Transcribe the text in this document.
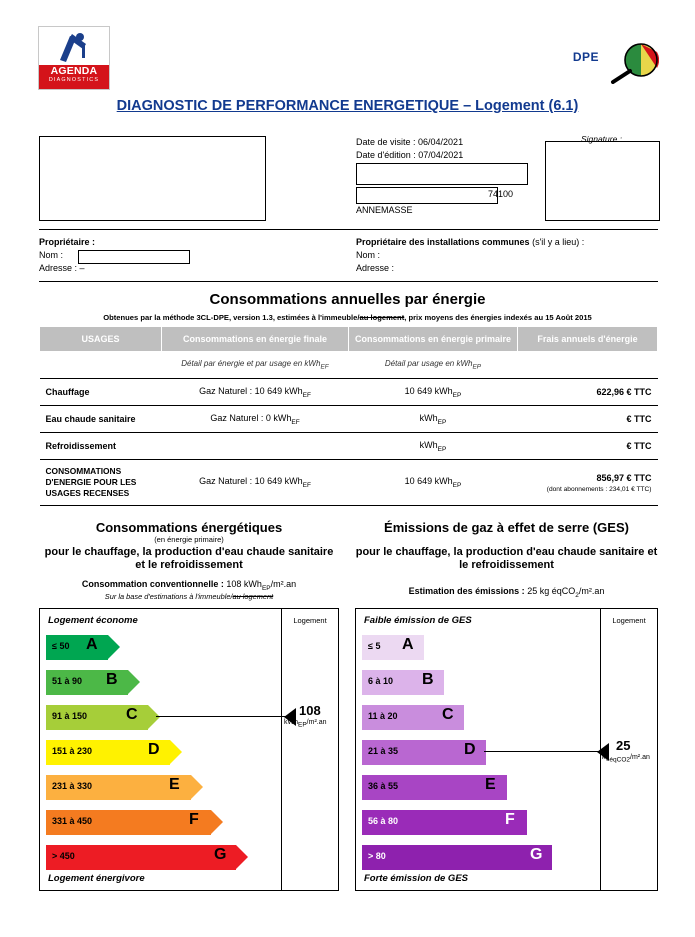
AGENDA
DIAGNOSTICS
DPE
DIAGNOSTIC DE PERFORMANCE ENERGETIQUE – Logement (6.1)
Date de visite : 06/04/2021
Date d'édition : 07/04/2021
74100
ANNEMASSE
Signature :
Propriétaire :
Nom :
Adresse : –
Propriétaire des installations communes (s'il y a lieu) :
Nom :
Adresse :
Consommations annuelles par énergie
Obtenues par la méthode 3CL-DPE, version 1.3, estimées à l'immeuble/au logement, prix moyens des énergies indexés au 15 Août 2015
USAGES	Consommations en énergie finale	Consommations en énergie primaire	Frais annuels d'énergie
	Détail par énergie et par usage en kWh$_{EF}$	Détail par usage en kWh$_{EP}$	
Chauffage	Gaz Naturel : 10 649 kWh$_{EF}$	10 649 kWh$_{EP}$	622,96 € TTC
Eau chaude sanitaire	Gaz Naturel : 0 kWh$_{EF}$	kWh$_{EP}$	€ TTC
Refroidissement		kWh$_{EP}$	€ TTC
CONSOMMATIONS D'ENERGIE POUR LES USAGES RECENSES	Gaz Naturel : 10 649 kWh$_{EF}$	10 649 kWh$_{EP}$	856,97 € TTC
(dont abonnements : 234,01 € TTC)
Consommations énergétiques
(en énergie primaire)
pour le chauffage, la production d'eau chaude sanitaire et le refroidissement
Consommation conventionnelle : 108 kWh$_{EP}$/m².an
Sur la base d'estimations à l'immeuble/au logement
Émissions de gaz à effet de serre (GES)
pour le chauffage, la production d'eau chaude sanitaire et le refroidissement
Estimation des émissions : 25 kg éqCO$_2$/m².an
Logement économe
Logement énergivore
Logement
≤ 50 A
51 à 90 B
91 à 150 C
151 à 230	D
231 à 330	E
331 à 450	F
> 450	G
108
kWhEP/m².an
Faible émission de GES
Forte émission de GES
Logement
≤ 5 A
6 à 10 B
11 à 20	C
21 à 35	D
36 à 55	E
56 à 80	F
> 80	G
25
kgéqCO2/m².an
